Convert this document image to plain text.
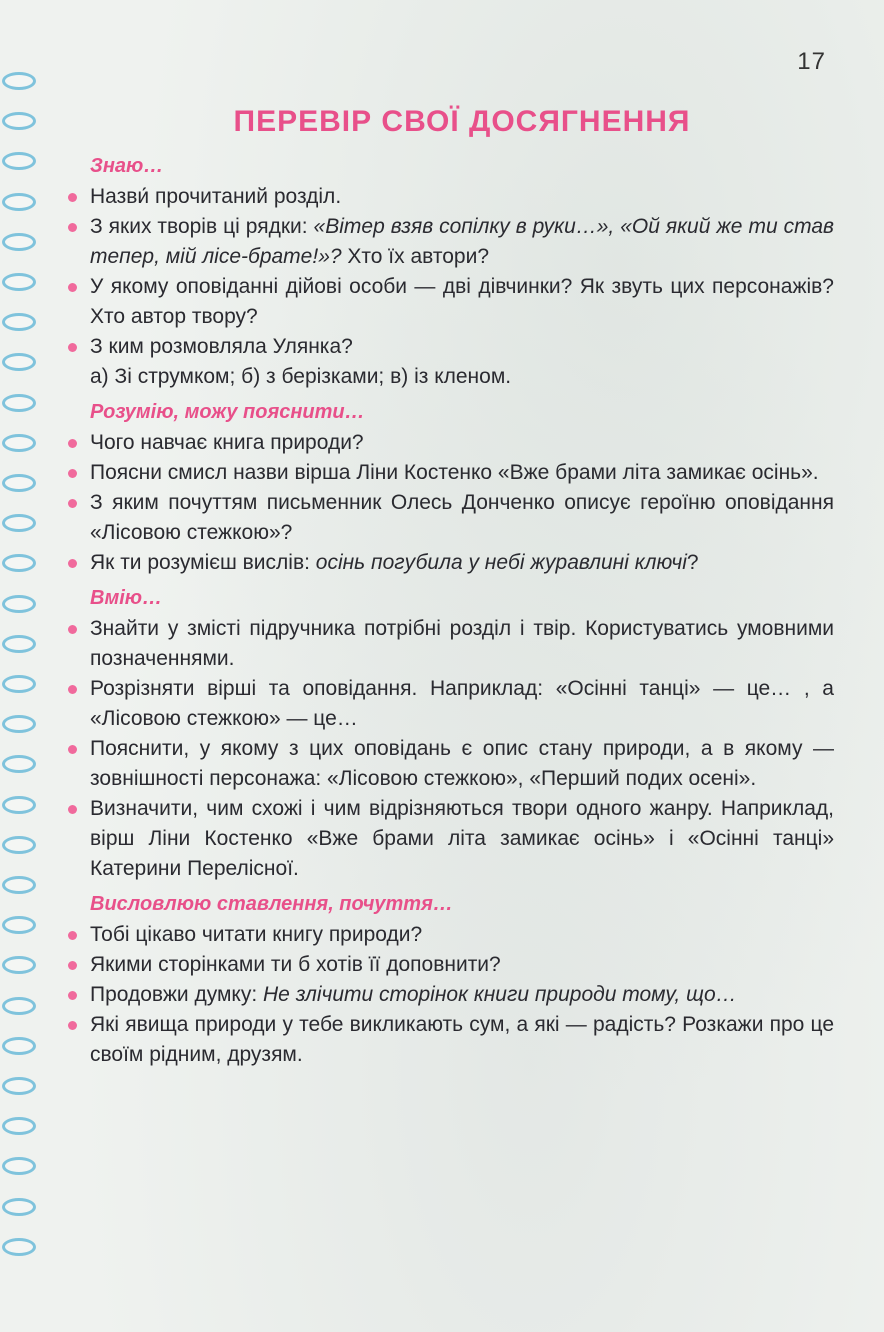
17
ПЕРЕВІР СВОЇ ДОСЯГНЕННЯ
Знаю…
Назви́ прочитаний розділ.
З яких творів ці рядки: «Вітер взяв сопілку в руки…», «Ой який же ти став тепер, мій лісе-брате!»? Хто їх автори?
У якому оповіданні дійові особи — дві дівчинки? Як звуть цих персонажів? Хто автор твору?
З ким розмовляла Улянка?
а) Зі струмком; б) з берізками; в) із кленом.
Розумію, можу пояснити…
Чого навчає книга природи?
Поясни смисл назви вірша Ліни Костенко «Вже брами літа замикає осінь».
З яким почуттям письменник Олесь Донченко описує героїню оповідання «Лісовою стежкою»?
Як ти розумієш вислів: осінь погубила у небі журавлині ключі?
Вмію…
Знайти у змісті підручника потрібні розділ і твір. Користуватись умовними позначеннями.
Розрізняти вірші та оповідання. Наприклад: «Осінні танці» — це… , а «Лісовою стежкою» — це…
Пояснити, у якому з цих оповідань є опис стану природи, а в якому — зовнішності персонажа: «Лісовою стежкою», «Перший подих осені».
Визначити, чим схожі і чим відрізняються твори одного жанру. Наприклад, вірш Ліни Костенко «Вже брами літа замикає осінь» і «Осінні танці» Катерини Перелісної.
Висловлюю ставлення, почуття…
Тобі цікаво читати книгу природи?
Якими сторінками ти б хотів її доповнити?
Продовжи думку: Не злічити сторінок книги природи тому, що…
Які явища природи у тебе викликають сум, а які — радість? Розкажи про це своїм рідним, друзям.
